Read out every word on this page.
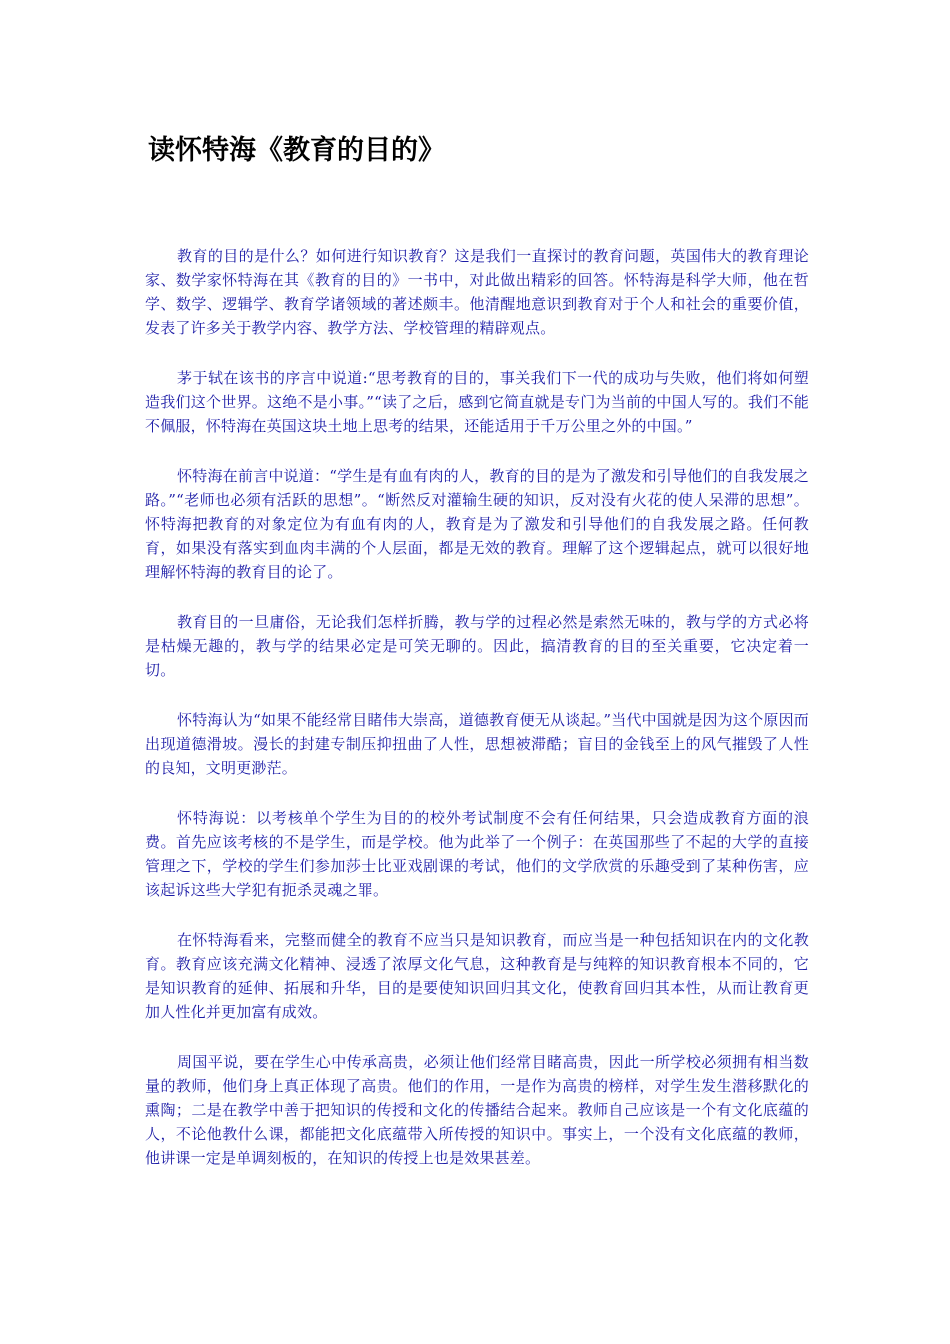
读怀特海《教育的目的》

教育的目的是什么？如何进行知识教育？这是我们一直探讨的教育问题，英国伟大的教育理论家、数学家怀特海在其《教育的目的》一书中，对此做出精彩的回答。怀特海是科学大师，他在哲学、数学、逻辑学、教育学诸领域的著述颇丰。他清醒地意识到教育对于个人和社会的重要价值，发表了许多关于教学内容、教学方法、学校管理的精辟观点。

茅于轼在该书的序言中说道:“思考教育的目的，事关我们下一代的成功与失败，他们将如何塑造我们这个世界。这绝不是小事。”“读了之后，感到它简直就是专门为当前的中国人写的。我们不能不佩服，怀特海在英国这块土地上思考的结果，还能适用于千万公里之外的中国。”

怀特海在前言中说道：“学生是有血有肉的人，教育的目的是为了激发和引导他们的自我发展之路。”“老师也必须有活跃的思想”。“断然反对灌输生硬的知识，反对没有火花的使人呆滞的思想”。怀特海把教育的对象定位为有血有肉的人，教育是为了激发和引导他们的自我发展之路。任何教育，如果没有落实到血肉丰满的个人层面，都是无效的教育。理解了这个逻辑起点，就可以很好地理解怀特海的教育目的论了。

教育目的一旦庸俗，无论我们怎样折腾，教与学的过程必然是索然无味的，教与学的方式必将是枯燥无趣的，教与学的结果必定是可笑无聊的。因此，搞清教育的目的至关重要，它决定着一切。

怀特海认为“如果不能经常目睹伟大崇高，道德教育便无从谈起。”当代中国就是因为这个原因而出现道德滑坡。漫长的封建专制压抑扭曲了人性，思想被滞酷；盲目的金钱至上的风气摧毁了人性的良知，文明更渺茫。

怀特海说：以考核单个学生为目的的校外考试制度不会有任何结果，只会造成教育方面的浪费。首先应该考核的不是学生，而是学校。他为此举了一个例子：在英国那些了不起的大学的直接管理之下，学校的学生们参加莎士比亚戏剧课的考试，他们的文学欣赏的乐趣受到了某种伤害，应该起诉这些大学犯有扼杀灵魂之罪。

在怀特海看来，完整而健全的教育不应当只是知识教育，而应当是一种包括知识在内的文化教育。教育应该充满文化精神、浸透了浓厚文化气息，这种教育是与纯粹的知识教育根本不同的，它是知识教育的延伸、拓展和升华，目的是要使知识回归其文化，使教育回归其本性，从而让教育更加人性化并更加富有成效。

周国平说，要在学生心中传承高贵，必须让他们经常目睹高贵，因此一所学校必须拥有相当数量的教师，他们身上真正体现了高贵。他们的作用，一是作为高贵的榜样，对学生发生潜移默化的熏陶；二是在教学中善于把知识的传授和文化的传播结合起来。教师自己应该是一个有文化底蕴的人，不论他教什么课，都能把文化底蕴带入所传授的知识中。事实上，一个没有文化底蕴的教师，他讲课一定是单调刻板的，在知识的传授上也是效果甚差。
